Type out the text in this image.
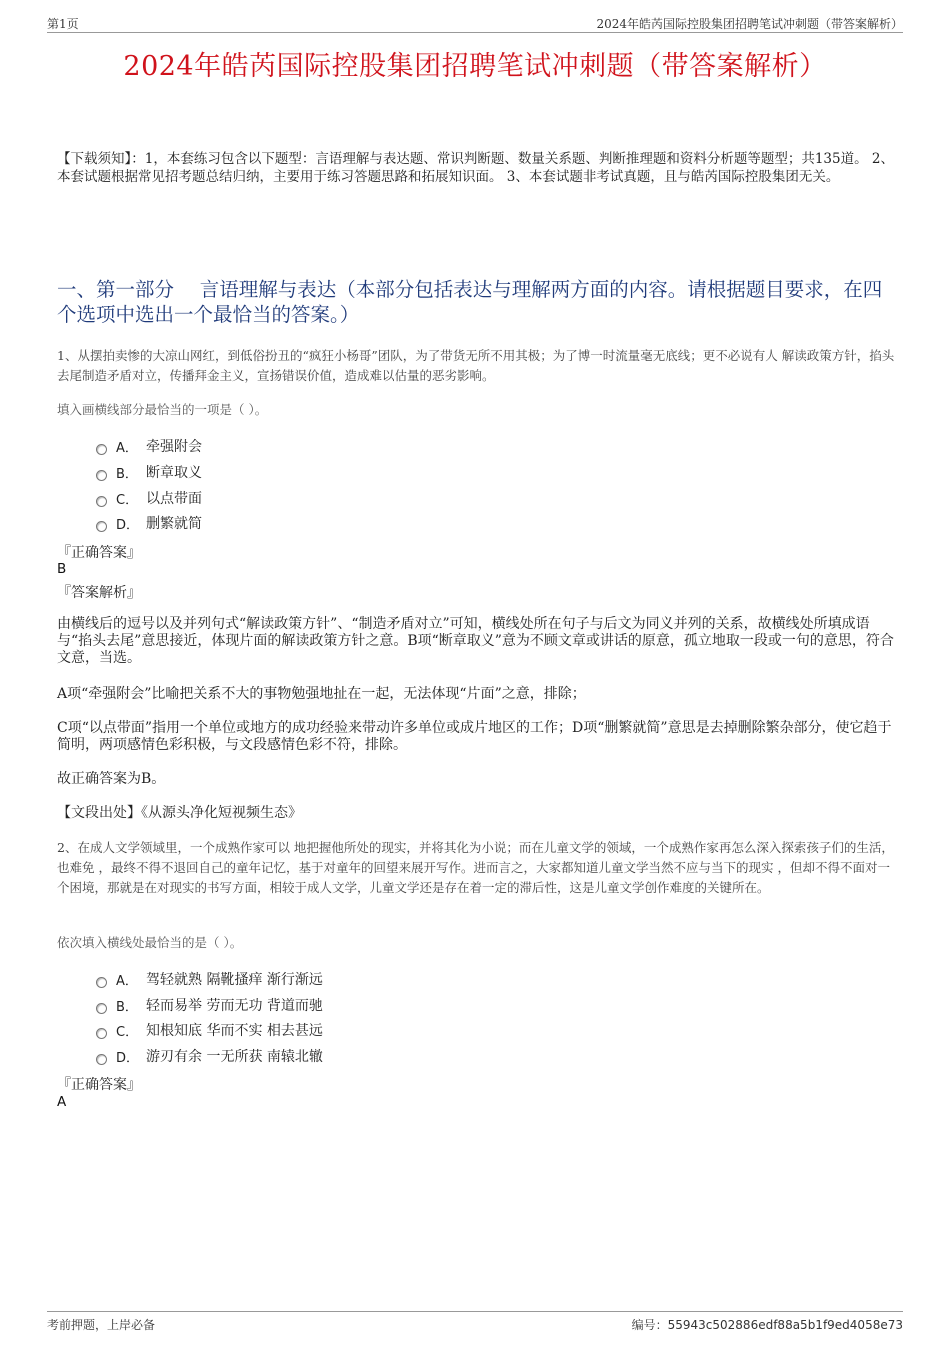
第1页	2024年皓芮国际控股集团招聘笔试冲刺题（带答案解析）
2024年皓芮国际控股集团招聘笔试冲刺题（带答案解析）
【下载须知】：1，本套练习包含以下题型：言语理解与表达题、常识判断题、数量关系题、判断推理题和资料分析题等题型；共135道。 2、本套试题根据常见招考题总结归纳，主要用于练习答题思路和拓展知识面。 3、本套试题非考试真题，且与皓芮国际控股集团无关。
一、第一部分　 言语理解与表达（本部分包括表达与理解两方面的内容。请根据题目要求，在四个选项中选出一个最恰当的答案。）
1、从摆拍卖惨的大凉山网红，到低俗扮丑的“疯狂小杨哥”团队，为了带货无所不用其极；为了博一时流量毫无底线；更不必说有人 解读政策方针，掐头去尾制造矛盾对立，传播拜金主义，宣扬错误价值，造成难以估量的恶劣影响。
填入画横线部分最恰当的一项是（ ）。
A． 牵强附会
B． 断章取义
C． 以点带面
D． 删繁就简
『正确答案』
B
『答案解析』
由横线后的逗号以及并列句式“解读政策方针”、“制造矛盾对立”可知，横线处所在句子与后文为同义并列的关系，故横线处所填成语与“掐头去尾”意思接近，体现片面的解读政策方针之意。B项“断章取义”意为不顾文章或讲话的原意，孤立地取一段或一句的意思，符合文意，当选。
A项“牵强附会”比喻把关系不大的事物勉强地扯在一起，无法体现“片面”之意，排除；
C项“以点带面”指用一个单位或地方的成功经验来带动许多单位或成片地区的工作；D项“删繁就简”意思是去掉删除繁杂部分，使它趋于简明，两项感情色彩积极，与文段感情色彩不符，排除。
故正确答案为B。
【文段出处】《从源头净化短视频生态》
2、在成人文学领域里，一个成熟作家可以 地把握他所处的现实，并将其化为小说；而在儿童文学的领域，一个成熟作家再怎么深入探索孩子们的生活，也难免 ，最终不得不退回自己的童年记忆，基于对童年的回望来展开写作。进而言之，大家都知道儿童文学当然不应与当下的现实 ，但却不得不面对一个困境，那就是在对现实的书写方面，相较于成人文学，儿童文学还是存在着一定的滞后性，这是儿童文学创作难度的关键所在。
依次填入横线处最恰当的是（ ）。
A． 驾轻就熟 隔靴搔痒 渐行渐远
B． 轻而易举 劳而无功 背道而驰
C． 知根知底 华而不实 相去甚远
D． 游刃有余 一无所获 南辕北辙
『正确答案』
A
考前押题，上岸必备	编号：55943c502886edf88a5b1f9ed4058e73
